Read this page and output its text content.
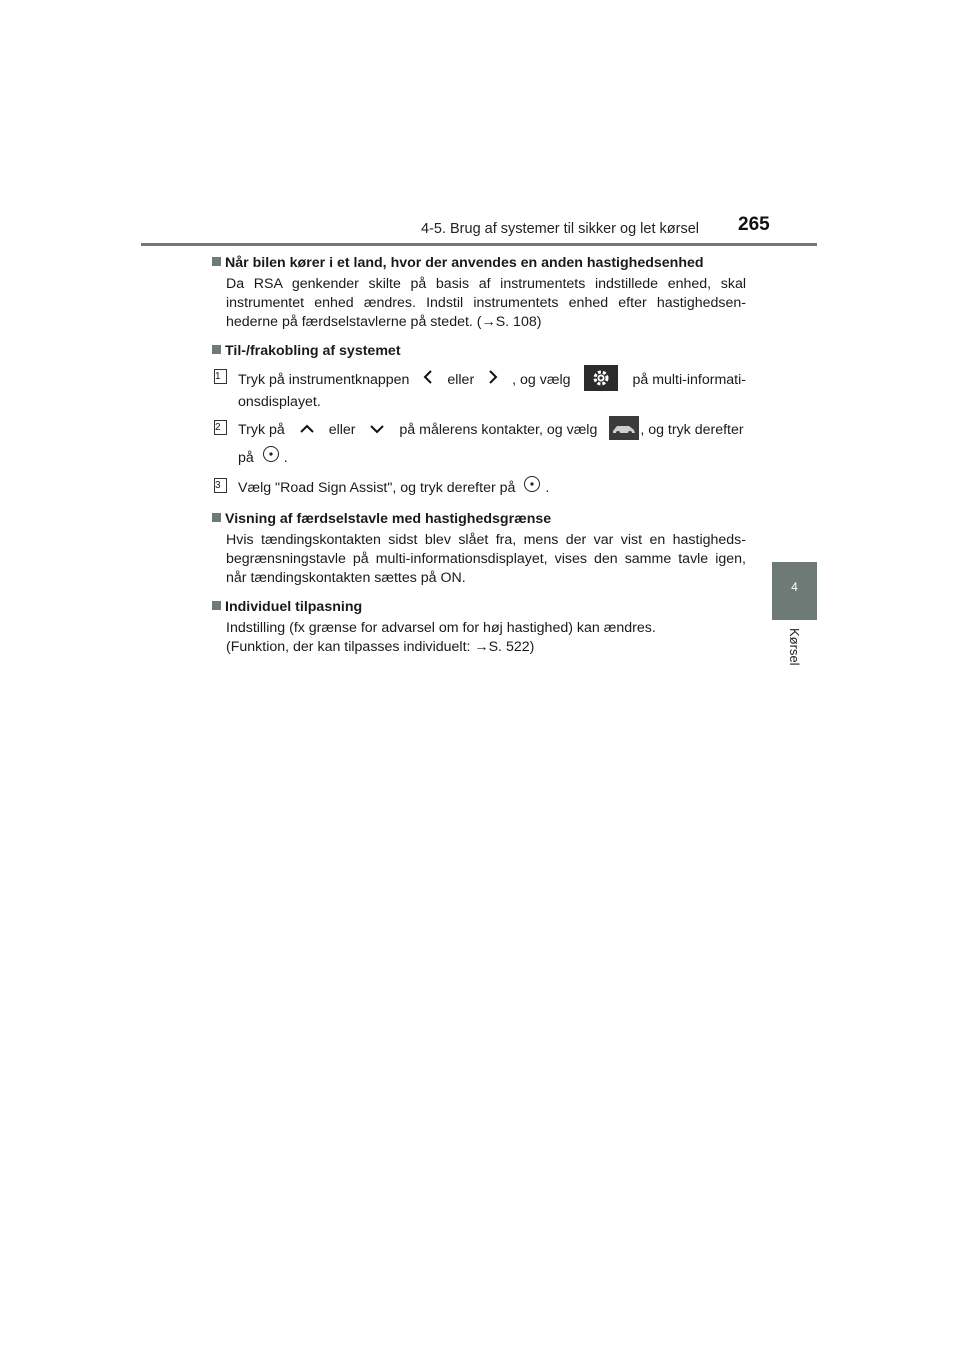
4-5. Brug af systemer til sikker og let kørsel 265
4
Kørsel

Når bilen kører i et land, hvor der anvendes en anden hastighedsenhed

Da RSA genkender skilte på basis af instrumentets indstillede enhed, skal instrumentet enhed ændres. Indstil instrumentets enhed efter hastighedsen-hederne på færdselstavlerne på stedet. (→S. 108)

Til-/frakobling af systemet

1	Tryk på instrumentknappen	eller	, og vælg	på multi-informati-onsdisplayet.
2	Tryk på	eller	på målerens kontakter, og vælg	, og tryk derefter
på .
3	Vælg "Road Sign Assist", og tryk derefter på .

Visning af færdselstavle med hastighedsgrænse

Hvis tændingskontakten sidst blev slået fra, mens der var vist en hastigheds-begrænsningstavle på multi-informationsdisplayet, vises den samme tavle igen, når tændingskontakten sættes på ON.

Individuel tilpasning

Indstilling (fx grænse for advarsel om for høj hastighed) kan ændres.

(Funktion, der kan tilpasses individuelt: →S. 522)
